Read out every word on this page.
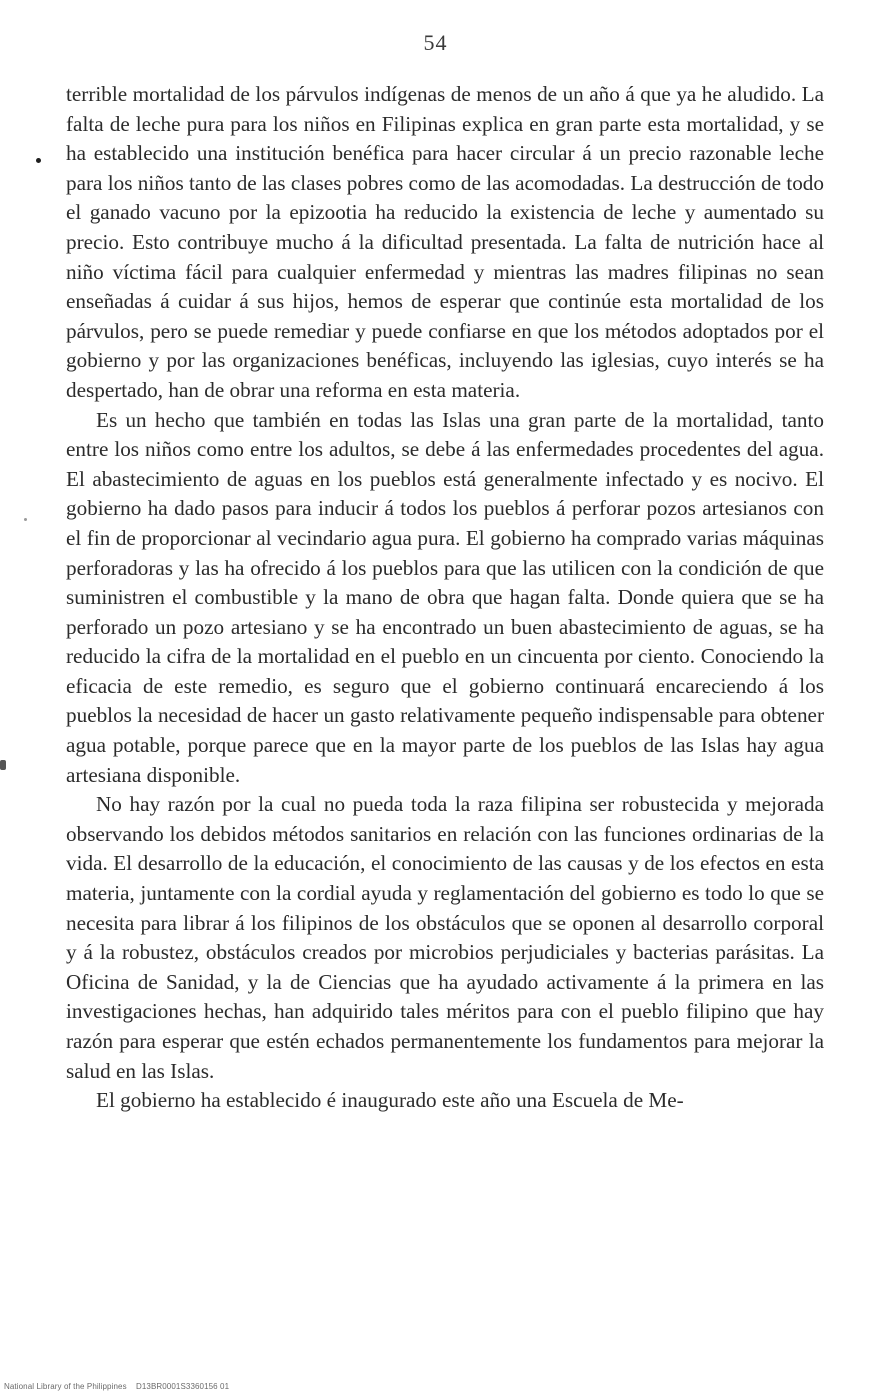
54

terrible mortalidad de los párvulos indígenas de menos de un año á que ya he aludido. La falta de leche pura para los niños en Filipinas explica en gran parte esta mortalidad, y se ha establecido una institución benéfica para hacer circular á un precio razonable leche para los niños tanto de las clases pobres como de las acomodadas. La destrucción de todo el ganado vacuno por la epizootia ha reducido la existencia de leche y aumentado su precio. Esto contribuye mucho á la dificultad presentada. La falta de nutrición hace al niño víctima fácil para cualquier enfermedad y mientras las madres filipinas no sean enseñadas á cuidar á sus hijos, hemos de esperar que continúe esta mortalidad de los párvulos, pero se puede remediar y puede confiarse en que los métodos adoptados por el gobierno y por las organizaciones benéficas, incluyendo las iglesias, cuyo interés se ha despertado, han de obrar una reforma en esta materia.

Es un hecho que también en todas las Islas una gran parte de la mortalidad, tanto entre los niños como entre los adultos, se debe á las enfermedades procedentes del agua. El abastecimiento de aguas en los pueblos está generalmente infectado y es nocivo. El gobierno ha dado pasos para inducir á todos los pueblos á perforar pozos artesianos con el fin de proporcionar al vecindario agua pura. El gobierno ha comprado varias máquinas perforadoras y las ha ofrecido á los pueblos para que las utilicen con la condición de que suministren el combustible y la mano de obra que hagan falta. Donde quiera que se ha perforado un pozo artesiano y se ha encontrado un buen abastecimiento de aguas, se ha reducido la cifra de la mortalidad en el pueblo en un cincuenta por ciento. Conociendo la eficacia de este remedio, es seguro que el gobierno continuará encareciendo á los pueblos la necesidad de hacer un gasto relativamente pequeño indispensable para obtener agua potable, porque parece que en la mayor parte de los pueblos de las Islas hay agua artesiana disponible.

No hay razón por la cual no pueda toda la raza filipina ser robustecida y mejorada observando los debidos métodos sanitarios en relación con las funciones ordinarias de la vida. El desarrollo de la educación, el conocimiento de las causas y de los efectos en esta materia, juntamente con la cordial ayuda y reglamentación del gobierno es todo lo que se necesita para librar á los filipinos de los obstáculos que se oponen al desarrollo corporal y á la robustez, obstáculos creados por microbios perjudiciales y bacterias parásitas. La Oficina de Sanidad, y la de Ciencias que ha ayudado activamente á la primera en las investigaciones hechas, han adquirido tales méritos para con el pueblo filipino que hay razón para esperar que estén echados permanentemente los fundamentos para mejorar la salud en las Islas.

El gobierno ha establecido é inaugurado este año una Escuela de Me-

National Library of the Philippines    D13BR0001S3360156 01
